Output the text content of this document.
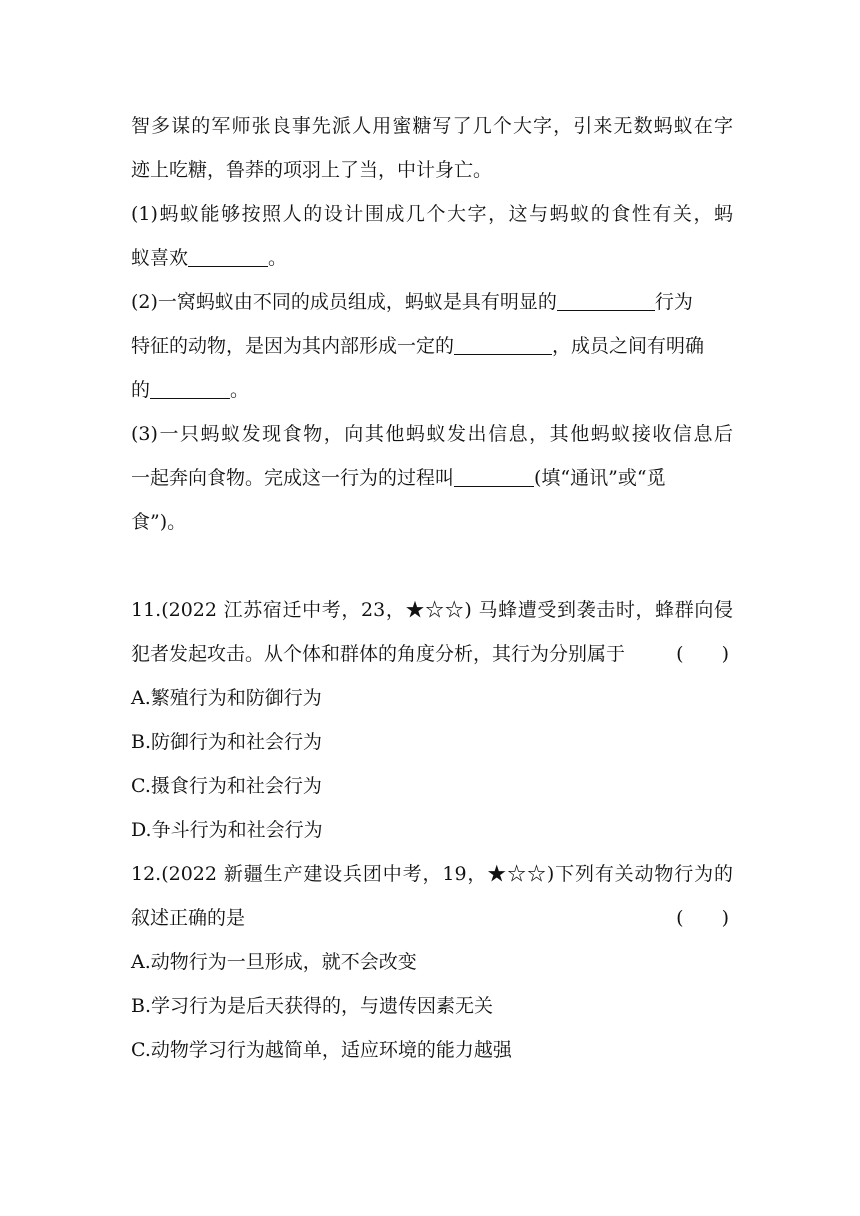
智多谋的军师张良事先派人用蜜糖写了几个大字，引来无数蚂蚁在字
迹上吃糖，鲁莽的项羽上了当，中计身亡。
(1)蚂蚁能够按照人的设计围成几个大字，这与蚂蚁的食性有关，蚂
蚁喜欢	。
(2)一窝蚂蚁由不同的成员组成，蚂蚁是具有明显的	行为
特征的动物，是因为其内部形成一定的	，成员之间有明确
的	。
(3)一只蚂蚁发现食物，向其他蚂蚁发出信息，其他蚂蚁接收信息后
一起奔向食物。完成这一行为的过程叫	(填“通讯”或“觅
食”)。
11.(2022 江苏宿迁中考，23，★☆☆) 马蜂遭受到袭击时，蜂群向侵
犯者发起攻击。从个体和群体的角度分析，其行为分别属于	(　　)
A.繁殖行为和防御行为
B.防御行为和社会行为
C.摄食行为和社会行为
D.争斗行为和社会行为
12.(2022 新疆生产建设兵团中考，19，★☆☆)下列有关动物行为的
叙述正确的是	(　　)
A.动物行为一旦形成，就不会改变
B.学习行为是后天获得的，与遗传因素无关
C.动物学习行为越简单，适应环境的能力越强
